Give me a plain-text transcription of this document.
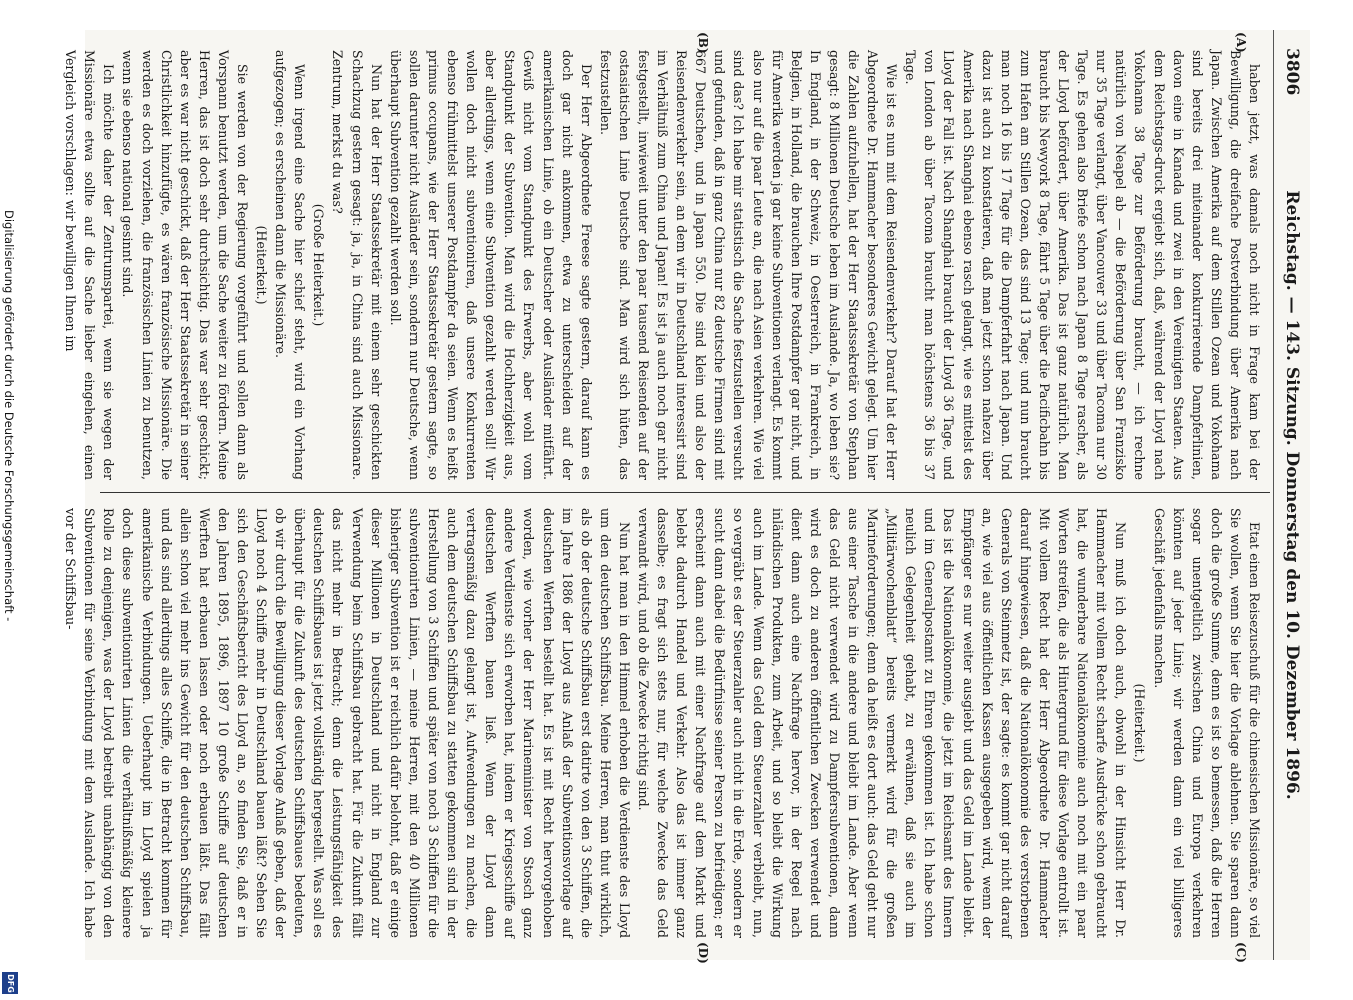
3806
Reichstag. — 143. Sitzung. Donnerstag den 10. Dezember 1896.
(A)
(B)
(C)
(D)

haben jetzt, was damals noch nicht in Frage kam bei der Bewilligung, die dreifache Postverbindung über Amerika nach Japan. Zwischen Amerika auf dem Stillen Ozean und Yokohama sind bereits drei miteinander konkurrierende Dampferlinien, davon eine in Kanada und zwei in den Vereinigten Staaten. Aus dem Reichstags-druck ergiebt sich, daß, während der Lloyd nach Yokohama 38 Tage zur Beförderung braucht, — ich rechne natürlich von Neapel ab — die Beförderung über San Franzisko nur 35 Tage verlangt, über Vancouver 33 und über Tacoma nur 30 Tage. Es gehen also Briefe schon nach Japan 8 Tage rascher, als der Lloyd befördert, über Amerika. Das ist ganz natürlich. Man braucht bis Newyork 8 Tage, fährt 5 Tage über die Pacificbahn bis zum Hafen am Stillen Ozean, das sind 13 Tage; und nun braucht man noch 16 bis 17 Tage für die Dampferfahrt nach Japan. Und dazu ist auch zu konstatieren, daß man jetzt schon nahezu über Amerika nach Shanghai ebenso rasch gelangt, wie es mittelst des Lloyd der Fall ist. Nach Shanghai braucht der Lloyd 36 Tage, und von London ab über Tacoma braucht man höchstens 36 bis 37 Tage.

Wie ist es nun mit dem Reisendenverkehr? Darauf hat der Herr Abgeordnete Dr. Hammacher besonderes Gewicht gelegt. Um hier die Zahlen aufzuhellen, hat der Herr Staatssekretär von Stephan gesagt: 8 Millionen Deutsche leben im Auslande. Ja, wo leben sie? In England, in der Schweiz, in Oesterreich, in Frankreich, in Belgien, in Holland, die brauchen Ihre Postdampfer gar nicht, und für Amerika werden ja gar keine Subventionen verlangt. Es kommt also nur auf die paar Leute an, die nach Asien verkehren. Wie viel sind das? Ich habe mir statistisch die Sache festzustellen versucht und gefunden, daß in ganz China nur 82 deutsche Firmen sind mit 667 Deutschen, und in Japan 550. Die sind klein und also der Reisendenverkehr sein, an dem wir in Deutschland interessirt sind im Verhältniß zum China und Japan! Es ist ja auch noch gar nicht festgestellt, inwieweit unter den paar tausend Reisenden auf der ostasiatischen Linie Deutsche sind. Man wird sich hüten, das festzustellen.

Der Herr Abgeordnete Freese sagte gestern, darauf kann es doch gar nicht ankommen, etwa zu unterscheiden auf der amerikanischen Linie, ob ein Deutscher oder Ausländer mitfährt. Gewiß nicht vom Standpunkt des Erwerbs, aber wohl vom Standpunkt der Subvention. Man wird die Hochherzigkeit aus, aber allerdings, wenn eine Subvention gezahlt werden soll! Wir wollen doch nicht subventioniren, daß unsere Konkurrenten ebenso frühmittelst unserer Postdampfer da seien. Wenn es heißt primus occupans, wie der Herr Staatssekretär gestern sagte, so sollen darunter nicht Ausländer sein, sondern nur Deutsche, wenn überhaupt Subvention gezahlt werden soll.

Nun hat der Herr Staatssekretär mit einem sehr geschickten Schachzug gestern gesagt: ja, ja, in China sind auch Missionare. Zentrum, merkst du was?

(Große Heiterkeit.)

Wenn irgend eine Sache hier schief steht, wird ein Vorhang aufgezogen; es erscheinen dann die Missionäre.

(Heiterkeit.)

Sie werden von der Regierung vorgeführt und sollen dann als Vorspann benutzt werden, um die Sache weiter zu fördern. Meine Herren, das ist doch sehr durchsichtig. Das war sehr geschickt; aber es war nicht geschickt, daß der Herr Staatssekretär in seiner Christlichkeit hinzufügte, es wären französische Missionäre. Die werden es doch vorziehen, die französischen Linien zu benutzen, wenn sie ebenso national gesinnt sind.

Ich möchte daher der Zentrumspartei, wenn sie wegen der Missionäre etwa sollte auf die Sache lieber eingehen, einen Vergleich vorschlagen: wir bewilligen Ihnen im

Etat einen Reisezuschuß für die chinesischen Missionäre, so viel Sie wollen, wenn Sie hier die Vorlage ablehnen. Sie sparen dann doch die große Summe, denn es ist so bemessen, daß die Herren sogar unentgeltlich zwischen China und Europa verkehren könnten auf jeder Linie; wir werden dann ein viel billigeres Geschäft jedenfalls machen.

(Heiterkeit.)

Nun muß ich doch auch, obwohl in der Hinsicht Herr Dr. Hammacher mit vollem Recht scharfe Ausdrücke schon gebraucht hat, die wunderbare Nationalökonomie auch noch mit ein paar Worten streifen, die als Hintergrund für diese Vorlage entrollt ist. Mit vollem Recht hat der Herr Abgeordnete Dr. Hammacher darauf hingewiesen, daß die Nationalökonomie des verstorbenen Generals von Steinmetz ist, der sagte: es kommt gar nicht darauf an, wie viel aus öffentlichen Kassen ausgegeben wird, wenn der Empfänger es nur weiter ausgiebt und das Geld im Lande bleibt. Das ist die Nationalökonomie, die jetzt im Reichsamt des Innern und im Generalpostamt zu Ehren gekommen ist. Ich habe schon neulich Gelegenheit gehabt, zu erwähnen, daß sie auch im „Militärwochenblatt“ bereits vermerkt wird für die großen Marineforderungen; denn da heißt es dort auch: das Geld geht nur aus einer Tasche in die andere und bleibt im Lande. Aber wenn das Geld nicht verwendet wird zu Dampfersubventionen, dann wird es doch zu anderen öffentlichen Zwecken verwendet und dient dann auch eine Nachfrage hervor, in der Regel nach inländischen Produkten, zum Arbeit, und so bleibt die Wirkung auch im Lande. Wenn das Geld dem Steuerzahler verbleibt, nun, so vergräbt es der Steuerzahler auch nicht in die Erde, sondern er sucht dann dabei die Bedürfnisse seiner Person zu befriedigen; er erscheint dann auch mit einer Nachfrage auf dem Markt und belebt dadurch Handel und Verkehr. Also das ist immer ganz dasselbe; es fragt sich stets nur, für welche Zwecke das Geld verwandt wird, und ob die Zwecke richtig sind.

Nun hat man in den Himmel erhoben die Verdienste des Lloyd um den deutschen Schiffsbau. Meine Herren, man thut wirklich, als ob der deutsche Schiffsbau erst datirte von den 3 Schiffen, die im Jahre 1886 der Lloyd aus Anlaß der Subventionsvorlage auf deutschen Werften bestellt hat. Es ist mit Recht hervorgehoben worden, wie vorher der Herr Marineminister von Stosch ganz andere Verdienste sich erworben hat, indem er Kriegsschiffe auf deutschen Werften bauen ließ. Wenn der Lloyd dann vertragsmäßig dazu gelangt ist, Aufwendungen zu machen, die auch dem deutschen Schiffsbau zu statten gekommen sind in der Herstellung von 3 Schiffen und später von noch 3 Schiffen für die subventionirten Linien, — meine Herren, mit den 40 Millionen bisheriger Subvention ist er reichlich dafür belohnt, daß er einige dieser Millionen in Deutschland und nicht in England zur Verwendung beim Schiffsbau gebracht hat. Für die Zukunft fällt das nicht mehr in Betracht; denn die Leistungsfähigkeit des deutschen Schiffsbaues ist jetzt vollständig hergestellt. Was soll es überhaupt für die Zukunft des deutschen Schiffsbaues bedeuten, ob wir durch die Bewilligung dieser Vorlage Anlaß geben, daß der Lloyd noch 4 Schiffe mehr in Deutschland bauen läßt? Sehen Sie sich den Geschäftsbericht des Lloyd an, so finden Sie, daß er in den Jahren 1895, 1896, 1897 10 große Schiffe auf deutschen Werften hat erbauen lassen oder noch erbauen läßt. Das fällt allein schon viel mehr ins Gewicht für den deutschen Schiffsbau, und das sind allerdings alles Schiffe, die in Betracht kommen für amerikanische Verbindungen. Ueberhaupt im Lloyd spielen ja doch diese subventionirten Linien die verhältnißmäßig kleinere Rolle zu denjenigen, was der Lloyd betreibt unabhängig von den Subventionen für seine Verbindung mit dem Auslande. Ich habe vor der Schiffsbau-

Digitalisierung gefördert durch die Deutsche Forschungsgemeinschaft -
DFG
